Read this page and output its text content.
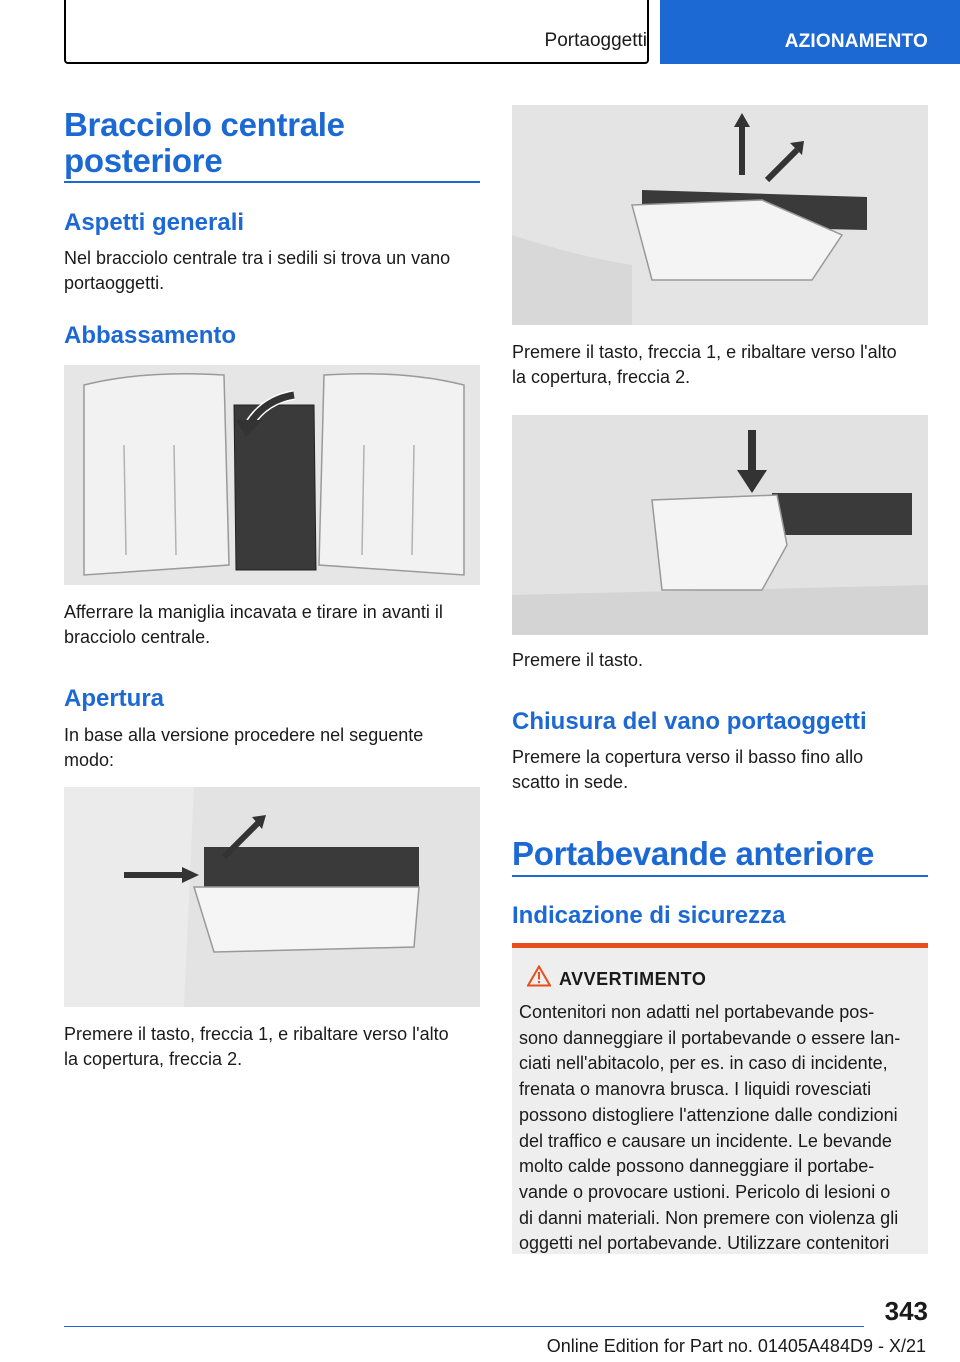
Portaoggetti	AZIONAMENTO
Bracciolo centrale
posteriore
Aspetti generali
Nel bracciolo centrale tra i sedili si trova un vano
portaoggetti.
Abbassamento
Afferrare la maniglia incavata e tirare in avanti il
bracciolo centrale.
Apertura
In base alla versione procedere nel seguente
modo:
Premere il tasto, freccia 1, e ribaltare verso l'alto
la copertura, freccia 2.
Premere il tasto, freccia 1, e ribaltare verso l'alto
la copertura, freccia 2.
Premere il tasto.
Chiusura del vano portaoggetti
Premere la copertura verso il basso fino allo
scatto in sede.
Portabevande anteriore
Indicazione di sicurezza
AVVERTIMENTO
Contenitori non adatti nel portabevande pos-
sono danneggiare il portabevande o essere lan-
ciati nell'abitacolo, per es. in caso di incidente,
frenata o manovra brusca. I liquidi rovesciati
possono distogliere l'attenzione dalle condizioni
del traffico e causare un incidente. Le bevande
molto calde possono danneggiare il portabe-
vande o provocare ustioni. Pericolo di lesioni o
di danni materiali. Non premere con violenza gli
oggetti nel portabevande. Utilizzare contenitori
343
Online Edition for Part no. 01405A484D9 - X/21
